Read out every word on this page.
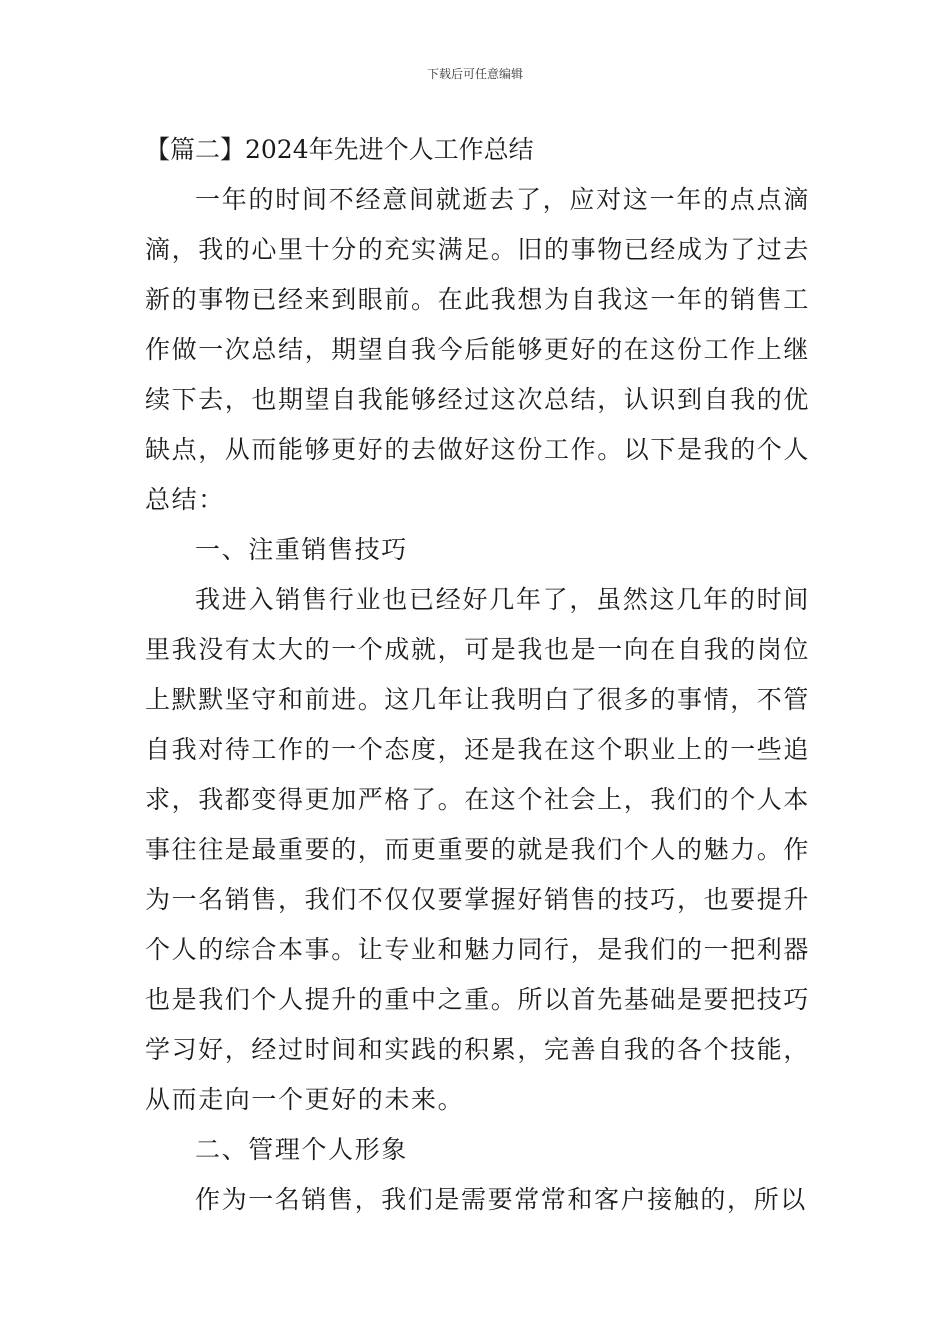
下载后可任意编辑
【篇二】2024年先进个人工作总结

一年的时间不经意间就逝去了，应对这一年的点点滴滴，我的心里十分的充实满足。旧的事物已经成为了过去新的事物已经来到眼前。在此我想为自我这一年的销售工作做一次总结，期望自我今后能够更好的在这份工作上继续下去，也期望自我能够经过这次总结，认识到自我的优缺点，从而能够更好的去做好这份工作。以下是我的个人总结：

一、注重销售技巧

我进入销售行业也已经好几年了，虽然这几年的时间里我没有太大的一个成就，可是我也是一向在自我的岗位上默默坚守和前进。这几年让我明白了很多的事情，不管自我对待工作的一个态度，还是我在这个职业上的一些追求，我都变得更加严格了。在这个社会上，我们的个人本事往往是最重要的，而更重要的就是我们个人的魅力。作为一名销售，我们不仅仅要掌握好销售的技巧，也要提升个人的综合本事。让专业和魅力同行，是我们的一把利器也是我们个人提升的重中之重。所以首先基础是要把技巧学习好，经过时间和实践的积累，完善自我的各个技能，从而走向一个更好的未来。

二、管理个人形象

作为一名销售，我们是需要常常和客户接触的，所以
